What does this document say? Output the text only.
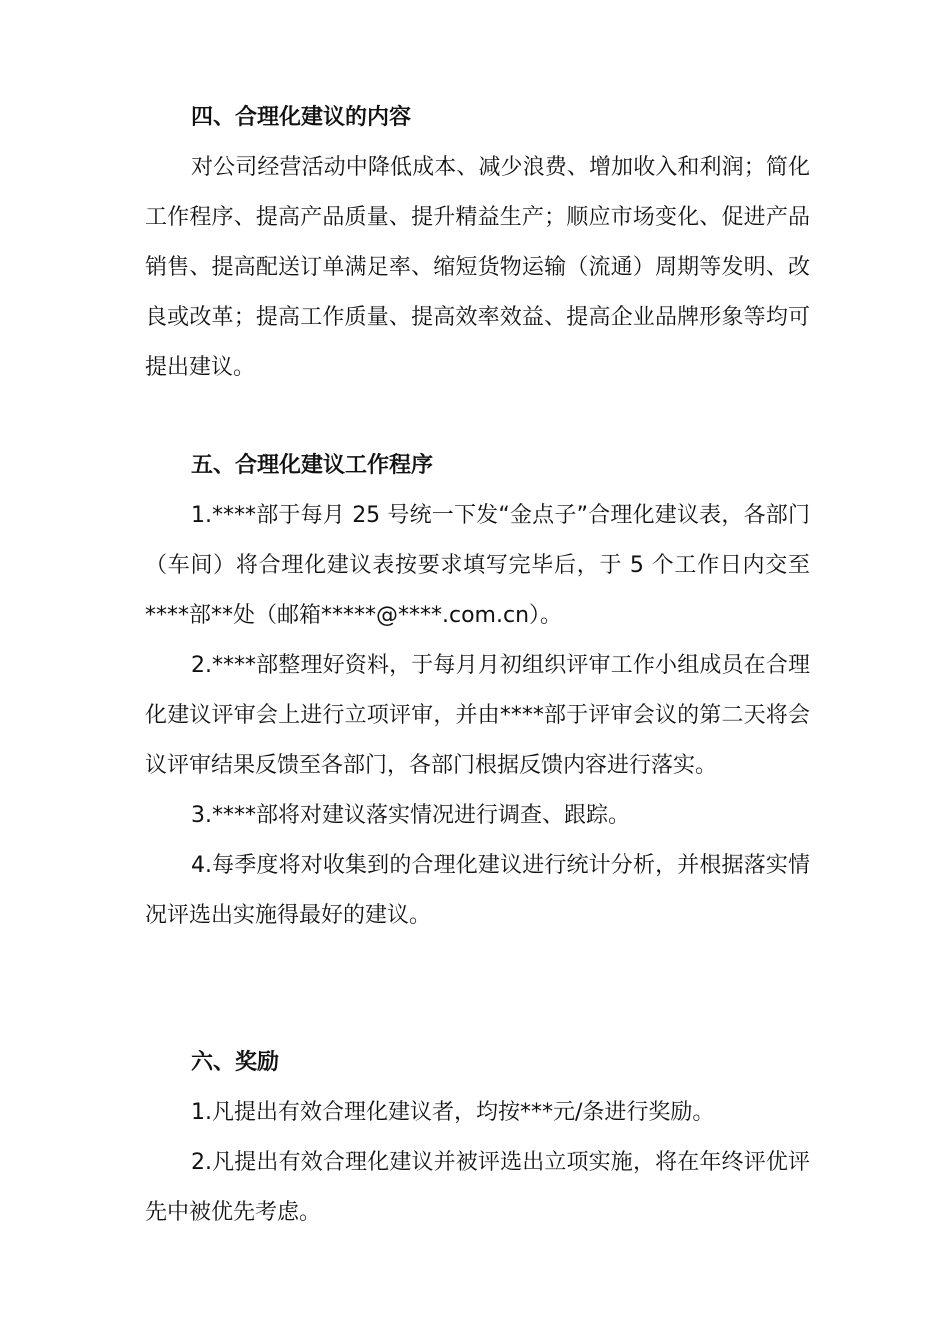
四、合理化建议的内容

对公司经营活动中降低成本、减少浪费、增加收入和利润；简化工作程序、提高产品质量、提升精益生产；顺应市场变化、促进产品销售、提高配送订单满足率、缩短货物运输（流通）周期等发明、改良或改革；提高工作质量、提高效率效益、提高企业品牌形象等均可提出建议。

五、合理化建议工作程序

1.****部于每月 25 号统一下发“金点子”合理化建议表，各部门（车间）将合理化建议表按要求填写完毕后，于 5 个工作日内交至****部**处（邮箱*****@****.com.cn）。

2.****部整理好资料，于每月月初组织评审工作小组成员在合理化建议评审会上进行立项评审，并由****部于评审会议的第二天将会议评审结果反馈至各部门，各部门根据反馈内容进行落实。

3.****部将对建议落实情况进行调查、跟踪。

4.每季度将对收集到的合理化建议进行统计分析，并根据落实情况评选出实施得最好的建议。

六、奖励

1.凡提出有效合理化建议者，均按***元/条进行奖励。

2.凡提出有效合理化建议并被评选出立项实施，将在年终评优评先中被优先考虑。
